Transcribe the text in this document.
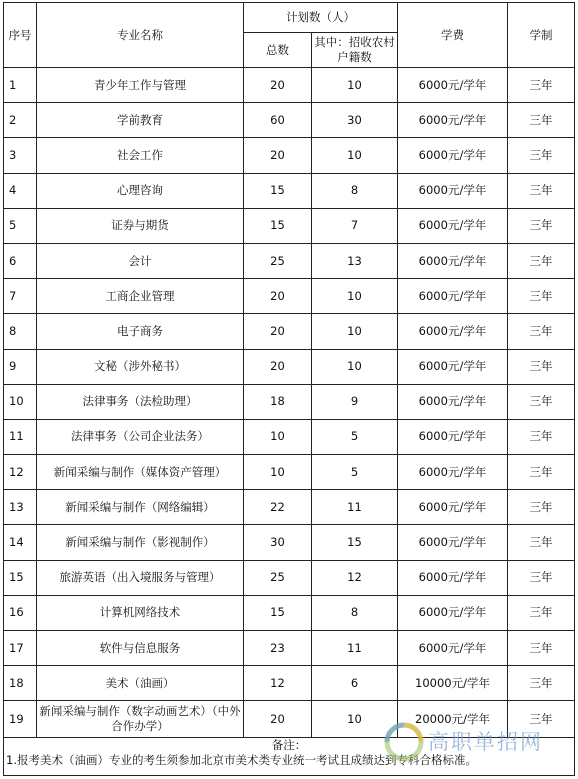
序号	专业名称	计划数（人）		学费	学制
		总数	其中：招收农村户籍数		
1	青少年工作与管理	20	10	6000元/学年	三年
2	学前教育	60	30	6000元/学年	三年
3	社会工作	20	10	6000元/学年	三年
4	心理咨询	15	8	6000元/学年	三年
5	证券与期货	15	7	6000元/学年	三年
6	会计	25	13	6000元/学年	三年
7	工商企业管理	20	10	6000元/学年	三年
8	电子商务	20	10	6000元/学年	三年
9	文秘（涉外秘书）	20	10	6000元/学年	三年
10	法律事务（法检助理）	18	9	6000元/学年	三年
11	法律事务（公司企业法务）	10	5	6000元/学年	三年
12	新闻采编与制作（媒体资产管理）	10	5	6000元/学年	三年
13	新闻采编与制作（网络编辑）	22	11	6000元/学年	三年
14	新闻采编与制作（影视制作）	30	15	6000元/学年	三年
15	旅游英语（出入境服务与管理）	25	12	6000元/学年	三年
16	计算机网络技术	15	8	6000元/学年	三年
17	软件与信息服务	23	11	6000元/学年	三年
18	美术（油画）	12	6	10000元/学年	三年
19	新闻采编与制作（数字动画艺术）（中外合作办学）	20	10	20000元/学年	三年

备注：
1.报考美术（油画）专业的考生须参加北京市美术类专业统一考试且成绩达到专科合格标准。					
高职单招网
